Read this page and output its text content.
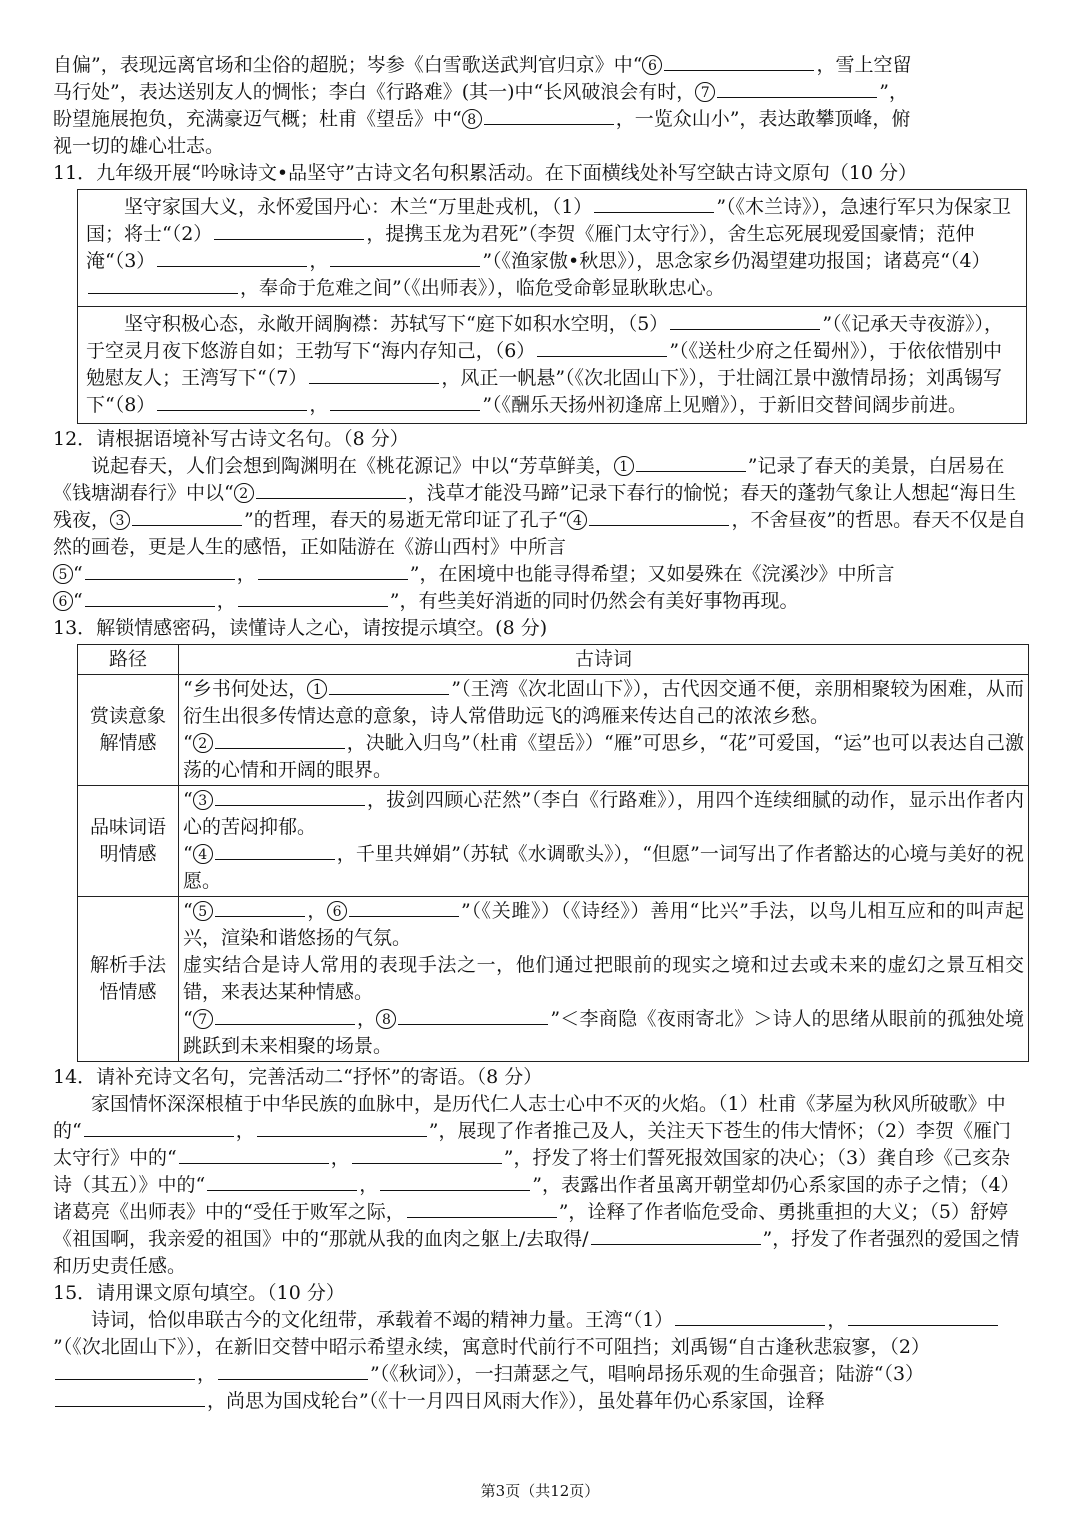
自偏”，表现远离官场和尘俗的超脱；岑参《白雪歌送武判官归京》中“ 6	，雪上空留

马行处”，表达送别友人的惆怅；李白《行路难》(其一)中“长风破浪会有时， 7	”，

盼望施展抱负，充满豪迈气概；杜甫《望岳》中“ 8	，一览众山小”，表达敢攀顶峰，俯

视一切的雄心壮志。

11．九年级开展“吟咏诗文•品坚守”古诗文名句积累活动。在下面横线处补写空缺古诗文原句（10 分）

坚守家国大义，永怀爱国丹心：木兰“万里赴戎机，（1）	”（《木兰诗》），急速行军只为保家卫国；将士“（2）	，提携玉龙为君死”（李贺《雁门太守行》），舍生忘死展现爱国豪情；范仲淹“（3）	，	”（《渔家傲•秋思》），思念家乡仍渴望建功报国；诸葛亮“（4），奉命于危难之间”（《出师表》），临危受命彰显耿耿忠心。
坚守积极心态，永敞开阔胸襟：苏轼写下“庭下如积水空明，（5）	”（《记承天寺夜游》），于空灵月夜下悠游自如；王勃写下“海内存知己，（6）	”（《送杜少府之任蜀州》），于依依惜别中勉慰友人；王湾写下“（7）	，风正一帆悬”（《次北固山下》），于壮阔江景中激情昂扬；刘禹锡写下“（8）	，	”（《酬乐天扬州初逢席上见赠》），于新旧交替间阔步前进。

12．请根据语境补写古诗文名句。（8 分）

说起春天，人们会想到陶渊明在《桃花源记》中以“芳草鲜美， 1	”记录了春天的美景，白居易在《钱塘湖春行》中以“ 2	，浅草才能没马蹄”记录下春行的愉悦；春天的蓬勃气象让人想起“海日生残夜， 3	”的哲理，春天的易逝无常印证了孔子“ 4	，不舍昼夜”的哲思。春天不仅是自然的画卷，更是人生的感悟，正如陆游在《游山西村》中所言
5 “	，	”，在困境中也能寻得希望；又如晏殊在《浣溪沙》中所言
6 “	，	”，有些美好消逝的同时仍然会有美好事物再现。

13．解锁情感密码，读懂诗人之心，请按提示填空。(8 分)

路径	古诗词
赏读意象解情感	“乡书何处达， 1 ”（王湾《次北固山下》），古代因交通不便，亲朋相聚较为困难，从而衍生出很多传情达意的意象，诗人常借助远飞的鸿雁来传达自己的浓浓乡愁。
“ 2 ，决眦入归鸟”（杜甫《望岳》）“雁”可思乡，“花”可爱国，“运”也可以表达自己激荡的心情和开阔的眼界。
品味词语明情感	“ 3 ，拔剑四顾心茫然”（李白《行路难》），用四个连续细腻的动作，显示出作者内心的苦闷抑郁。
“ 4 ，千里共婵娟”（苏轼《水调歌头》），“但愿”一词写出了作者豁达的心境与美好的祝愿。
解析手法悟情感	“ 5 ， 6 ”（《关雎》）（《诗经》）善用“比兴”手法，以鸟儿相互应和的叫声起兴，渲染和谐悠扬的气氛。
虚实结合是诗人常用的表现手法之一，他们通过把眼前的现实之境和过去或未来的虚幻之景互相交错，来表达某种情感。
“ 7 ， 8 ”＜李商隐《夜雨寄北》＞诗人的思绪从眼前的孤独处境跳跃到未来相聚的场景。

14．请补充诗文名句，完善活动二“抒怀”的寄语。（8 分）

家国情怀深深根植于中华民族的血脉中，是历代仁人志士心中不灭的火焰。（1）杜甫《茅屋为秋风所破歌》中的“	，	”，展现了作者推己及人，关注天下苍生的伟大情怀；（2）李贺《雁门太守行》中的“	，	”，抒发了将士们誓死报效国家的决心；（3）龚自珍《己亥杂诗（其五）》中的“	，	”，表露出作者虽离开朝堂却仍心系家国的赤子之情；（4）诸葛亮《出师表》中的“受任于败军之际，	”，诠释了作者临危受命、勇挑重担的大义；（5）舒婷《祖国啊，我亲爱的祖国》中的“那就从我的血肉之躯上/去取得/	”，抒发了作者强烈的爱国之情和历史责任感。

15．请用课文原句填空。（10 分）

诗词，恰似串联古今的文化纽带，承载着不竭的精神力量。王湾“（1）	，”（《次北固山下》），在新旧交替中昭示希望永续，寓意时代前行不可阻挡；刘禹锡“自古逢秋悲寂寥，（2），	”（《秋词》），一扫萧瑟之气，唱响昂扬乐观的生命强音；陆游“（3），尚思为国戍轮台”（《十一月四日风雨大作》），虽处暮年仍心系家国，诠释

第3页（共12页）
